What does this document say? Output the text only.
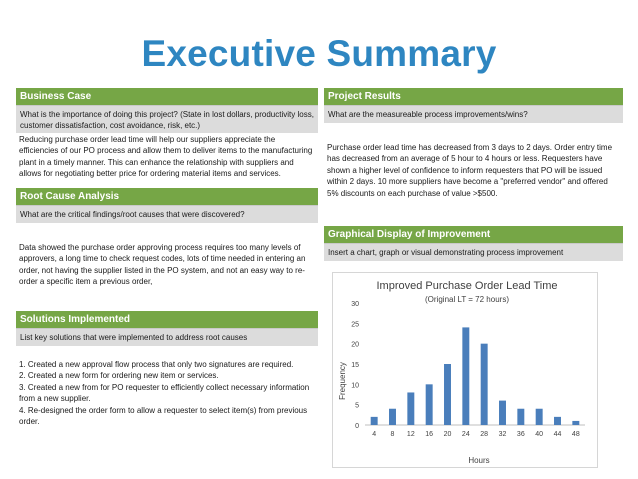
Executive Summary
Business Case
What is the importance of doing this project? (State in lost dollars, productivity loss, customer dissatisfaction, cost avoidance, risk, etc.)
Reducing purchase order lead time will help our suppliers appreciate the efficiencies of our PO process and allow them to deliver items to the manufacturing plant in a timely manner. This can enhance the relationship with suppliers and allows for negotiating better price for ordering material items and services.
Root Cause Analysis
What are the critical findings/root causes that were discovered?
Data showed the purchase order approving process requires too many levels of approvers, a long time to check request codes, lots of time needed in entering an order, not having the supplier listed in the PO system, and not an easy way to re-order a specific item a previous order,
Solutions Implemented
List key solutions that were implemented to address root causes
1. Created a new approval flow process that only two signatures are required.
2. Created a new form for ordering new item or services.
3. Created a new from for PO requester to efficiently collect necessary information from a new supplier.
4. Re-designed the order form to allow a requester to select item(s) from previous order.
Project Results
What are the measureable process improvements/wins?
Purchase order lead time has decreased from 3 days to 2 days. Order entry time has decreased from an average of 5 hour to 4 hours or less. Requesters have shown a higher level of confidence to inform requesters that PO will be issued within 2 days. 10 more suppliers have become a "preferred vendor" and offered 5% discounts on each purchase of value >$500.
Graphical Display of Improvement
Insert a chart, graph or visual demonstrating process improvement
Improved Purchase Order Lead Time
(Original LT = 72 hours)
Frequency
Hours
0
5
10
15
20
25
30
4 8 12 16 20 24 28 32 36 40 44 48
